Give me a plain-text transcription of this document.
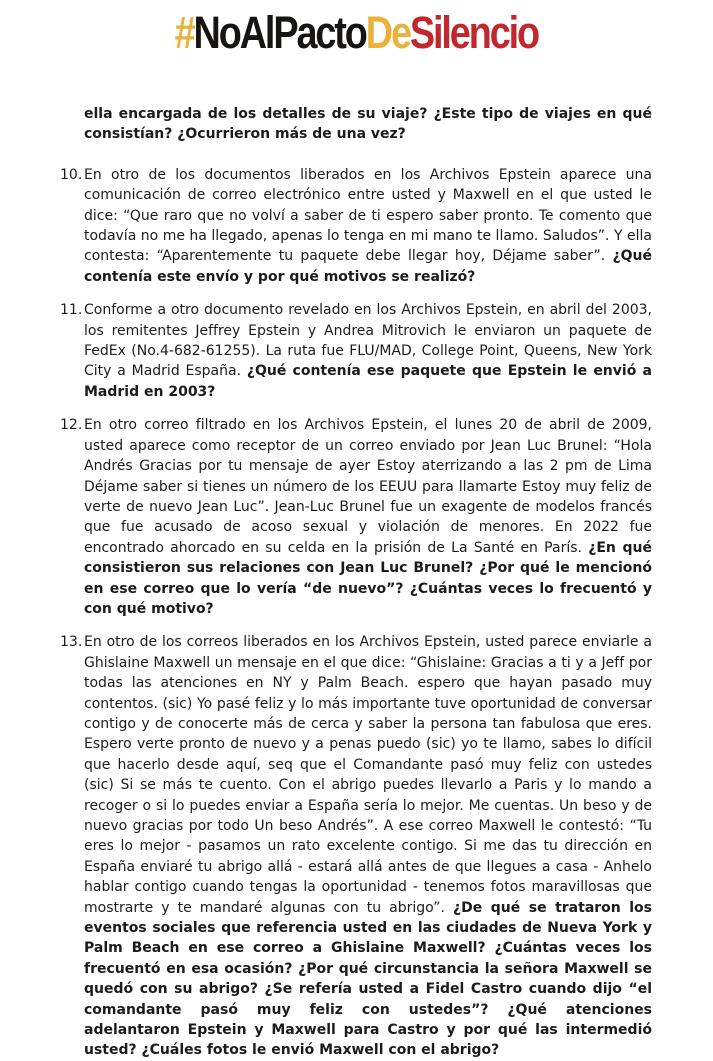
#NoAlPactoDeSilencio

ella encargada de los detalles de su viaje? ¿Este tipo de viajes en qué consistían? ¿Ocurrieron más de una vez?

10. En otro de los documentos liberados en los Archivos Epstein aparece una comunicación de correo electrónico entre usted y Maxwell en el que usted le dice: “Que raro que no volví a saber de ti espero saber pronto. Te comento que todavía no me ha llegado, apenas lo tenga en mi mano te llamo. Saludos”. Y ella contesta: “Aparentemente tu paquete debe llegar hoy, Déjame saber”. ¿Qué contenía este envío y por qué motivos se realizó?
11. Conforme a otro documento revelado en los Archivos Epstein, en abril del 2003, los remitentes Jeffrey Epstein y Andrea Mitrovich le enviaron un paquete de FedEx (No.4-682-61255). La ruta fue FLU/MAD, College Point, Queens, New York City a Madrid España. ¿Qué contenía ese paquete que Epstein le envió a Madrid en 2003?
12. En otro correo filtrado en los Archivos Epstein, el lunes 20 de abril de 2009, usted aparece como receptor de un correo enviado por Jean Luc Brunel: “Hola Andrés Gracias por tu mensaje de ayer Estoy aterrizando a las 2 pm de Lima Déjame saber si tienes un número de los EEUU para llamarte Estoy muy feliz de verte de nuevo Jean Luc”. Jean-Luc Brunel fue un exagente de modelos francés que fue acusado de acoso sexual y violación de menores. En 2022 fue encontrado ahorcado en su celda en la prisión de La Santé en París. ¿En qué consistieron sus relaciones con Jean Luc Brunel? ¿Por qué le mencionó en ese correo que lo vería “de nuevo”? ¿Cuántas veces lo frecuentó y con qué motivo?
13. En otro de los correos liberados en los Archivos Epstein, usted parece enviarle a Ghislaine Maxwell un mensaje en el que dice: “Ghislaine: Gracias a ti y a Jeff por todas las atenciones en NY y Palm Beach. espero que hayan pasado muy contentos. (sic) Yo pasé feliz y lo más importante tuve oportunidad de conversar contigo y de conocerte más de cerca y saber la persona tan fabulosa que eres. Espero verte pronto de nuevo y a penas puedo (sic) yo te llamo, sabes lo difícil que hacerlo desde aquí, seq que el Comandante pasó muy feliz con ustedes (sic) Si se más te cuento. Con el abrigo puedes llevarlo a Paris y lo mando a recoger o si lo puedes enviar a España sería lo mejor. Me cuentas. Un beso y de nuevo gracias por todo Un beso Andrés”. A ese correo Maxwell le contestó: “Tu eres lo mejor - pasamos un rato excelente contigo. Si me das tu dirección en España enviaré tu abrigo allá - estará allá antes de que llegues a casa - Anhelo hablar contigo cuando tengas la oportunidad - tenemos fotos maravillosas que mostrarte y te mandaré algunas con tu abrigo”. ¿De qué se trataron los eventos sociales que referencia usted en las ciudades de Nueva York y Palm Beach en ese correo a Ghislaine Maxwell? ¿Cuántas veces los frecuentó en esa ocasión? ¿Por qué circunstancia la señora Maxwell se quedó con su abrigo? ¿Se refería usted a Fidel Castro cuando dijo “el comandante pasó muy feliz con ustedes”? ¿Qué atenciones adelantaron Epstein y Maxwell para Castro y por qué las intermedió usted? ¿Cuáles fotos le envió Maxwell con el abrigo?
